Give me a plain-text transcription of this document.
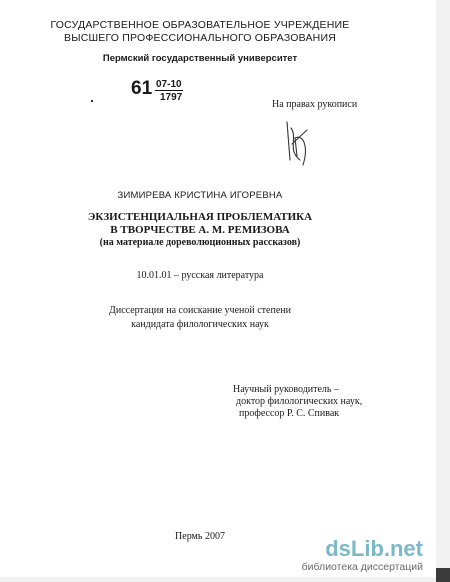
ГОСУДАРСТВЕННОЕ ОБРАЗОВАТЕЛЬНОЕ УЧРЕЖДЕНИЕ
ВЫСШЕГО ПРОФЕССИОНАЛЬНОГО ОБРАЗОВАНИЯ
Пермский государственный университет
$61 \frac{07-10}{1797}$
На правах рукописи
ЗИМИРЕВА КРИСТИНА ИГОРЕВНА
ЭКЗИСТЕНЦИАЛЬНАЯ ПРОБЛЕМАТИКА
В ТВОРЧЕСТВЕ А. М. РЕМИЗОВА
(на материале дореволюционных рассказов)
10.01.01 – русская литература
Диссертация на соискание ученой степени
кандидата филологических наук
Научный руководитель –
доктор филологических наук,
профессор Р. С. Спивак
Пермь 2007	dsLib.net
библиотека диссертаций
